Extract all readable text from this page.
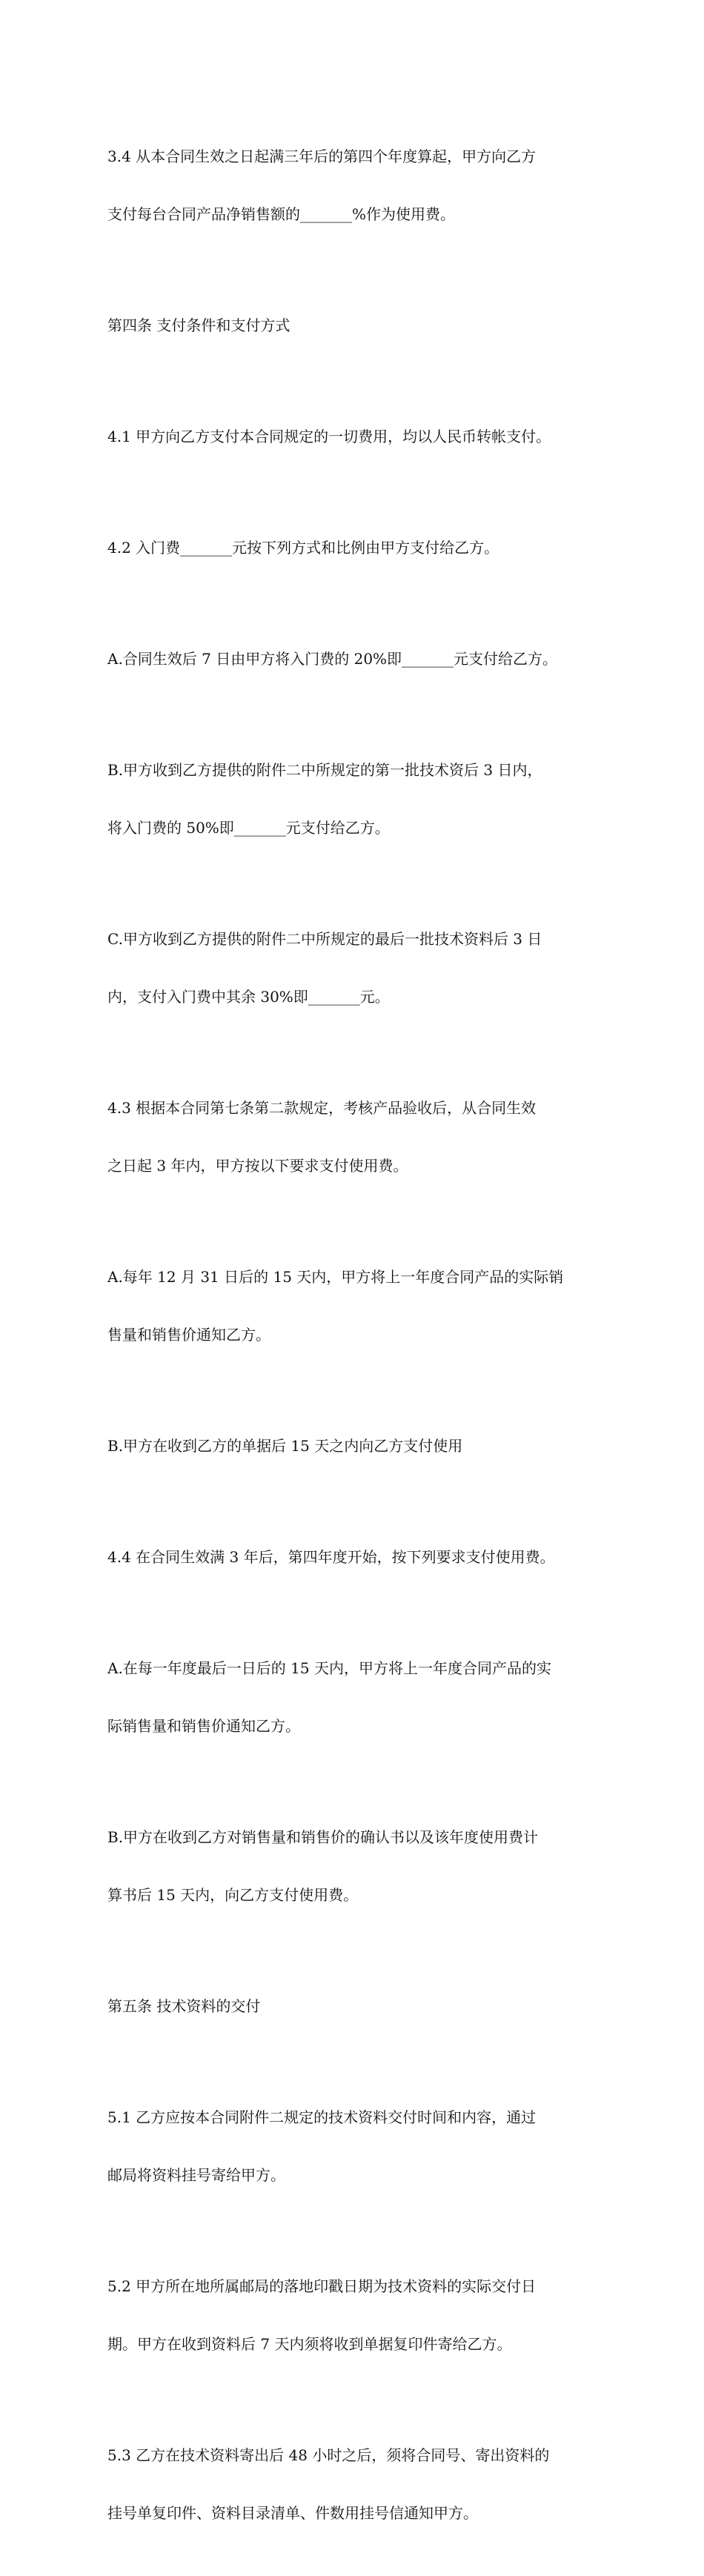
3.4 从本合同生效之日起满三年后的第四个年度算起，甲方向乙方

支付每台合同产品净销售额的_______%作为使用费。

第四条 支付条件和支付方式

4.1 甲方向乙方支付本合同规定的一切费用，均以人民币转帐支付。

4.2 入门费_______元按下列方式和比例由甲方支付给乙方。

A.合同生效后 7 日由甲方将入门费的 20%即_______元支付给乙方。

B.甲方收到乙方提供的附件二中所规定的第一批技术资后 3 日内，

将入门费的 50%即_______元支付给乙方。

C.甲方收到乙方提供的附件二中所规定的最后一批技术资料后 3 日

内，支付入门费中其余 30%即_______元。

4.3 根据本合同第七条第二款规定，考核产品验收后，从合同生效

之日起 3 年内，甲方按以下要求支付使用费。

A.每年 12 月 31 日后的 15 天内，甲方将上一年度合同产品的实际销

售量和销售价通知乙方。

B.甲方在收到乙方的单据后 15 天之内向乙方支付使用

4.4 在合同生效满 3 年后，第四年度开始，按下列要求支付使用费。

A.在每一年度最后一日后的 15 天内，甲方将上一年度合同产品的实

际销售量和销售价通知乙方。

B.甲方在收到乙方对销售量和销售价的确认书以及该年度使用费计

算书后 15 天内，向乙方支付使用费。

第五条 技术资料的交付

5.1 乙方应按本合同附件二规定的技术资料交付时间和内容，通过

邮局将资料挂号寄给甲方。

5.2 甲方所在地所属邮局的落地印戳日期为技术资料的实际交付日

期。甲方在收到资料后 7 天内须将收到单据复印件寄给乙方。

5.3 乙方在技术资料寄出后 48 小时之后，须将合同号、寄出资料的

挂号单复印件、资料目录清单、件数用挂号信通知甲方。
